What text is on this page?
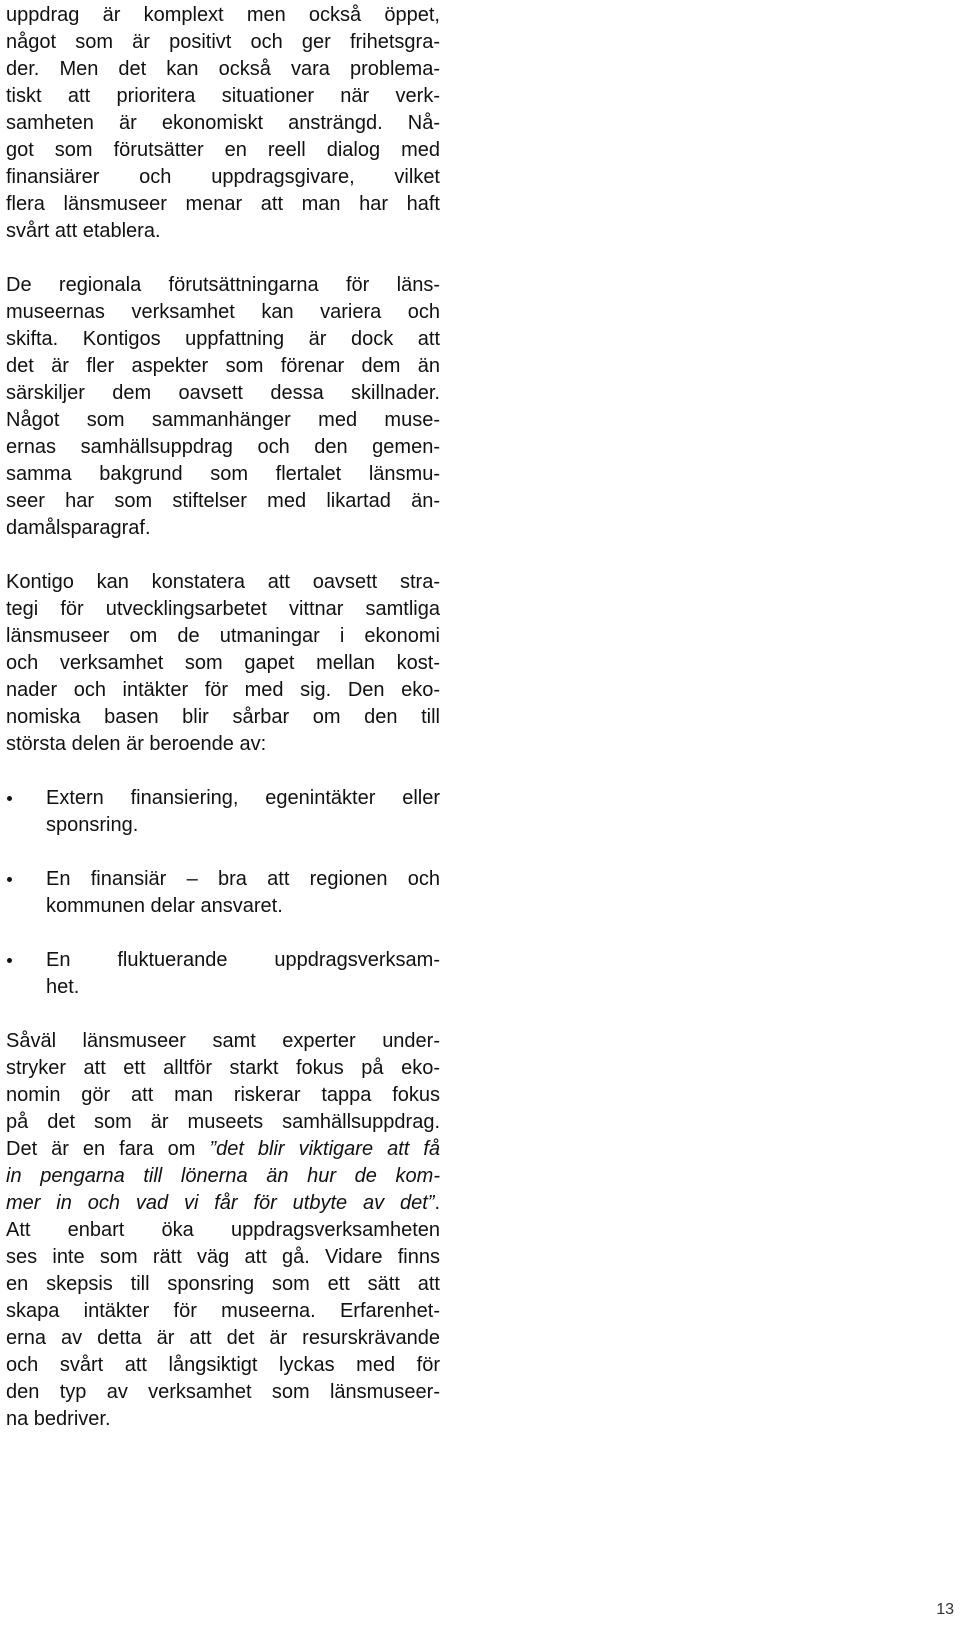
uppdrag är komplext men också öppet,
något som är positivt och ger frihetsgra-
der. Men det kan också vara problema-
tiskt att prioritera situationer när verk-
samheten är ekonomiskt ansträngd. Nå-
got som förutsätter en reell dialog med
finansiärer och uppdragsgivare, vilket
flera länsmuseer menar att man har haft
svårt att etablera.

De regionala förutsättningarna för läns-
museernas verksamhet kan variera och
skifta. Kontigos uppfattning är dock att
det är fler aspekter som förenar dem än
särskiljer dem oavsett dessa skillnader.
Något som sammanhänger med muse-
ernas samhällsuppdrag och den gemen-
samma bakgrund som flertalet länsmu-
seer har som stiftelser med likartad än-
damålsparagraf.

Kontigo kan konstatera att oavsett stra-
tegi för utvecklingsarbetet vittnar samtliga
länsmuseer om de utmaningar i ekonomi
och verksamhet som gapet mellan kost-
nader och intäkter för med sig. Den eko-
nomiska basen blir sårbar om den till
största delen är beroende av:

Extern finansiering, egenintäkter eller
sponsring.
En finansiär – bra att regionen och
kommunen delar ansvaret.
En fluktuerande uppdragsverksam-
het.

Såväl länsmuseer samt experter under-
stryker att ett alltför starkt fokus på eko-
nomin gör att man riskerar tappa fokus
på det som är museets samhällsuppdrag.
Det är en fara om ”det blir viktigare att få
in pengarna till lönerna än hur de kom-
mer in och vad vi får för utbyte av det”.
Att enbart öka uppdragsverksamheten
ses inte som rätt väg att gå. Vidare finns
en skepsis till sponsring som ett sätt att
skapa intäkter för museerna. Erfarenhet-
erna av detta är att det är resurskrävande
och svårt att långsiktigt lyckas med för
den typ av verksamhet som länsmuseer-
na bedriver.

13
